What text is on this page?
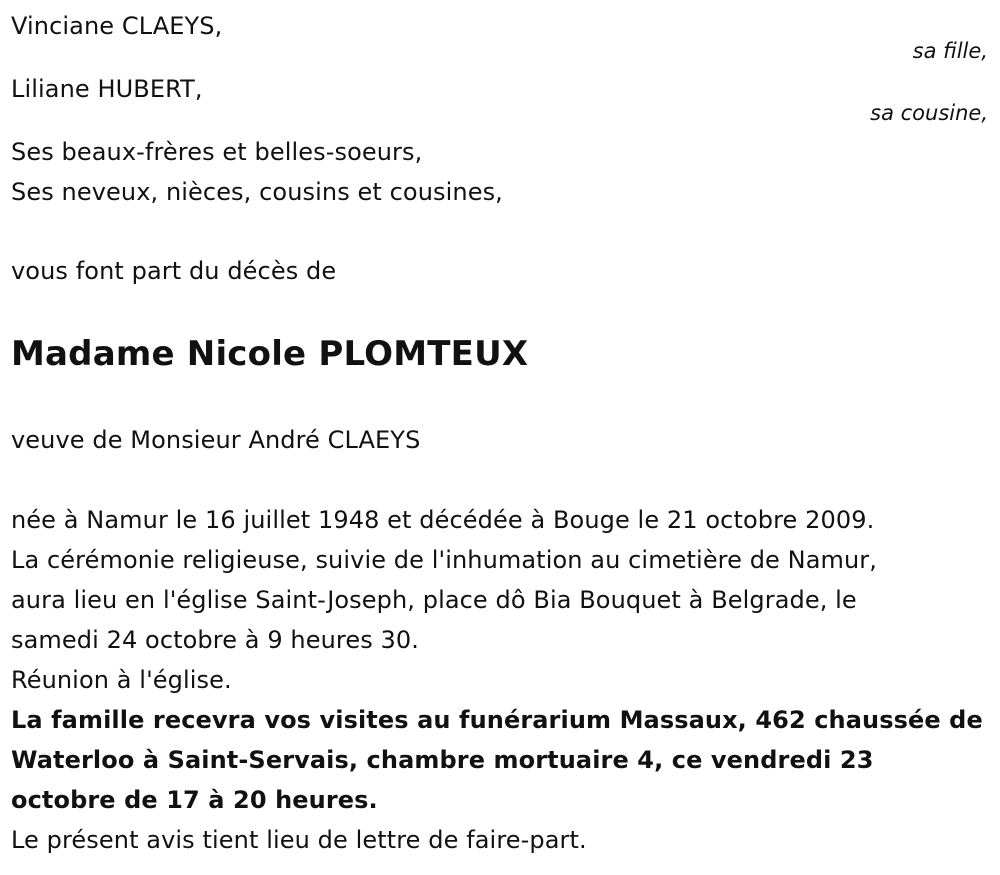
Vinciane CLAEYS,
sa fille,
Liliane HUBERT,
sa cousine,
Ses beaux-frères et belles-soeurs,
Ses neveux, nièces, cousins et cousines,
vous font part du décès de
Madame Nicole PLOMTEUX
veuve de Monsieur André CLAEYS
née à Namur le 16 juillet 1948 et décédée à Bouge le 21 octobre 2009.
La cérémonie religieuse, suivie de l'inhumation au cimetière de Namur,
aura lieu en l'église Saint-Joseph, place dô Bia Bouquet à Belgrade, le
samedi 24 octobre à 9 heures 30.
Réunion à l'église.
La famille recevra vos visites au funérarium Massaux, 462 chaussée de
Waterloo à Saint-Servais, chambre mortuaire 4, ce vendredi 23
octobre de 17 à 20 heures.
Le présent avis tient lieu de lettre de faire-part.
